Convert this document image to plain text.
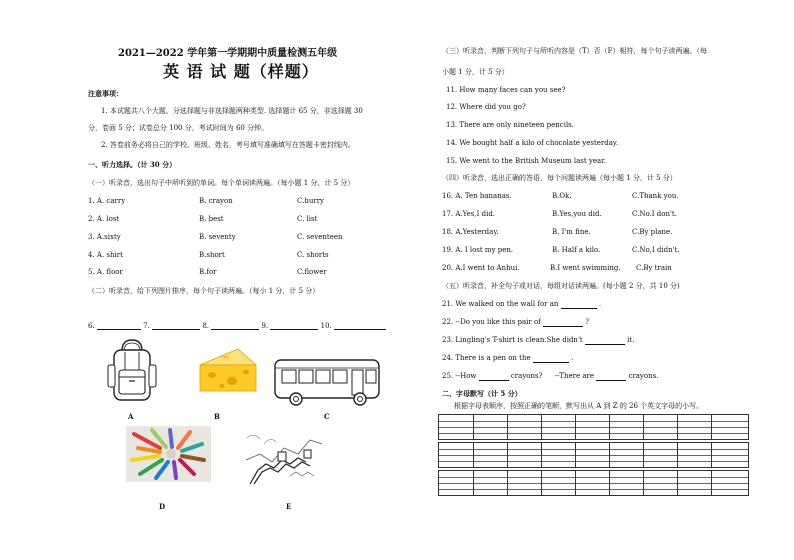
2021—2022 学年第一学期期中质量检测五年级
英 语 试 题（样题）
注意事项：
1. 本试题共八个大题，分选择题与非选择题两种类型. 选择题计 65 分，非选择题 30
分，卷面 5 分；试卷总分 100 分，考试时间为 60 分钟。
2. 答卷前务必将自己的学校、班级、姓名、考号填写准确填写在答题卡密封线内。
一、听力选择。（计 30 分）
（一）听录音，选出句子中所听到的单词。每个单词读两遍。（每小题 1 分，计 5 分）
1. A. carry	B. crayon	C.hurry
2. A. lost	B. best	C. list
3. A.sixty	B. seventy	C. seventeen
4. A. shirt	B.short	C. shorts
5. A. floor	B.for	C.flower
（二）听录音，给下列图片排序，每个句子读两遍。（每小 1 分，计 5 分）
6.	7.	8.	9.	10.
A	B	C
D	E
（三）听录音，判断下列句子与所听内容是（T）否（F）相符，每个句子读两遍。（每
小题 1 分，计 5 分）
11. How many faces can you see?
12. Where did you go?
13. There are only nineteen pencils.
14. We bought half a kilo of chocolate yesterday.
15. We went to the British Museum last year.
（四）听录音，选出正确的答语，每个问题读两遍（每小题 1 分，计 5 分）
16. A. Ten bananas.	B.Ok.	C.Thank you.
17. A.Yes,I did.	B.Yes,you did.	C.No.I don't.
18. A.Yesterday.	B. I'm fine.	C.By plane.
19. A. I lost my pen.	B. Half a kilo.	C.No,I didn't.
20. A.I went to Anhui.	B.I went swimming. C.By train
（五）听录音，补全句子或对话，每组对话读两遍。(每小题 2 分，共 10 分)
21. We walked on the wall for an	.
22. --Do you like this pair of	?
23. Lingling's T-shirt is clean.She didn't	it.
24. There is a pen on the	.
25. --How	crayons? --There are	crayons.
二、字母默写（计 5 分）
根据字母表顺序，按照正确的笔顺，默写出从 A 到 Z 的 26 个英文字母的小写。
